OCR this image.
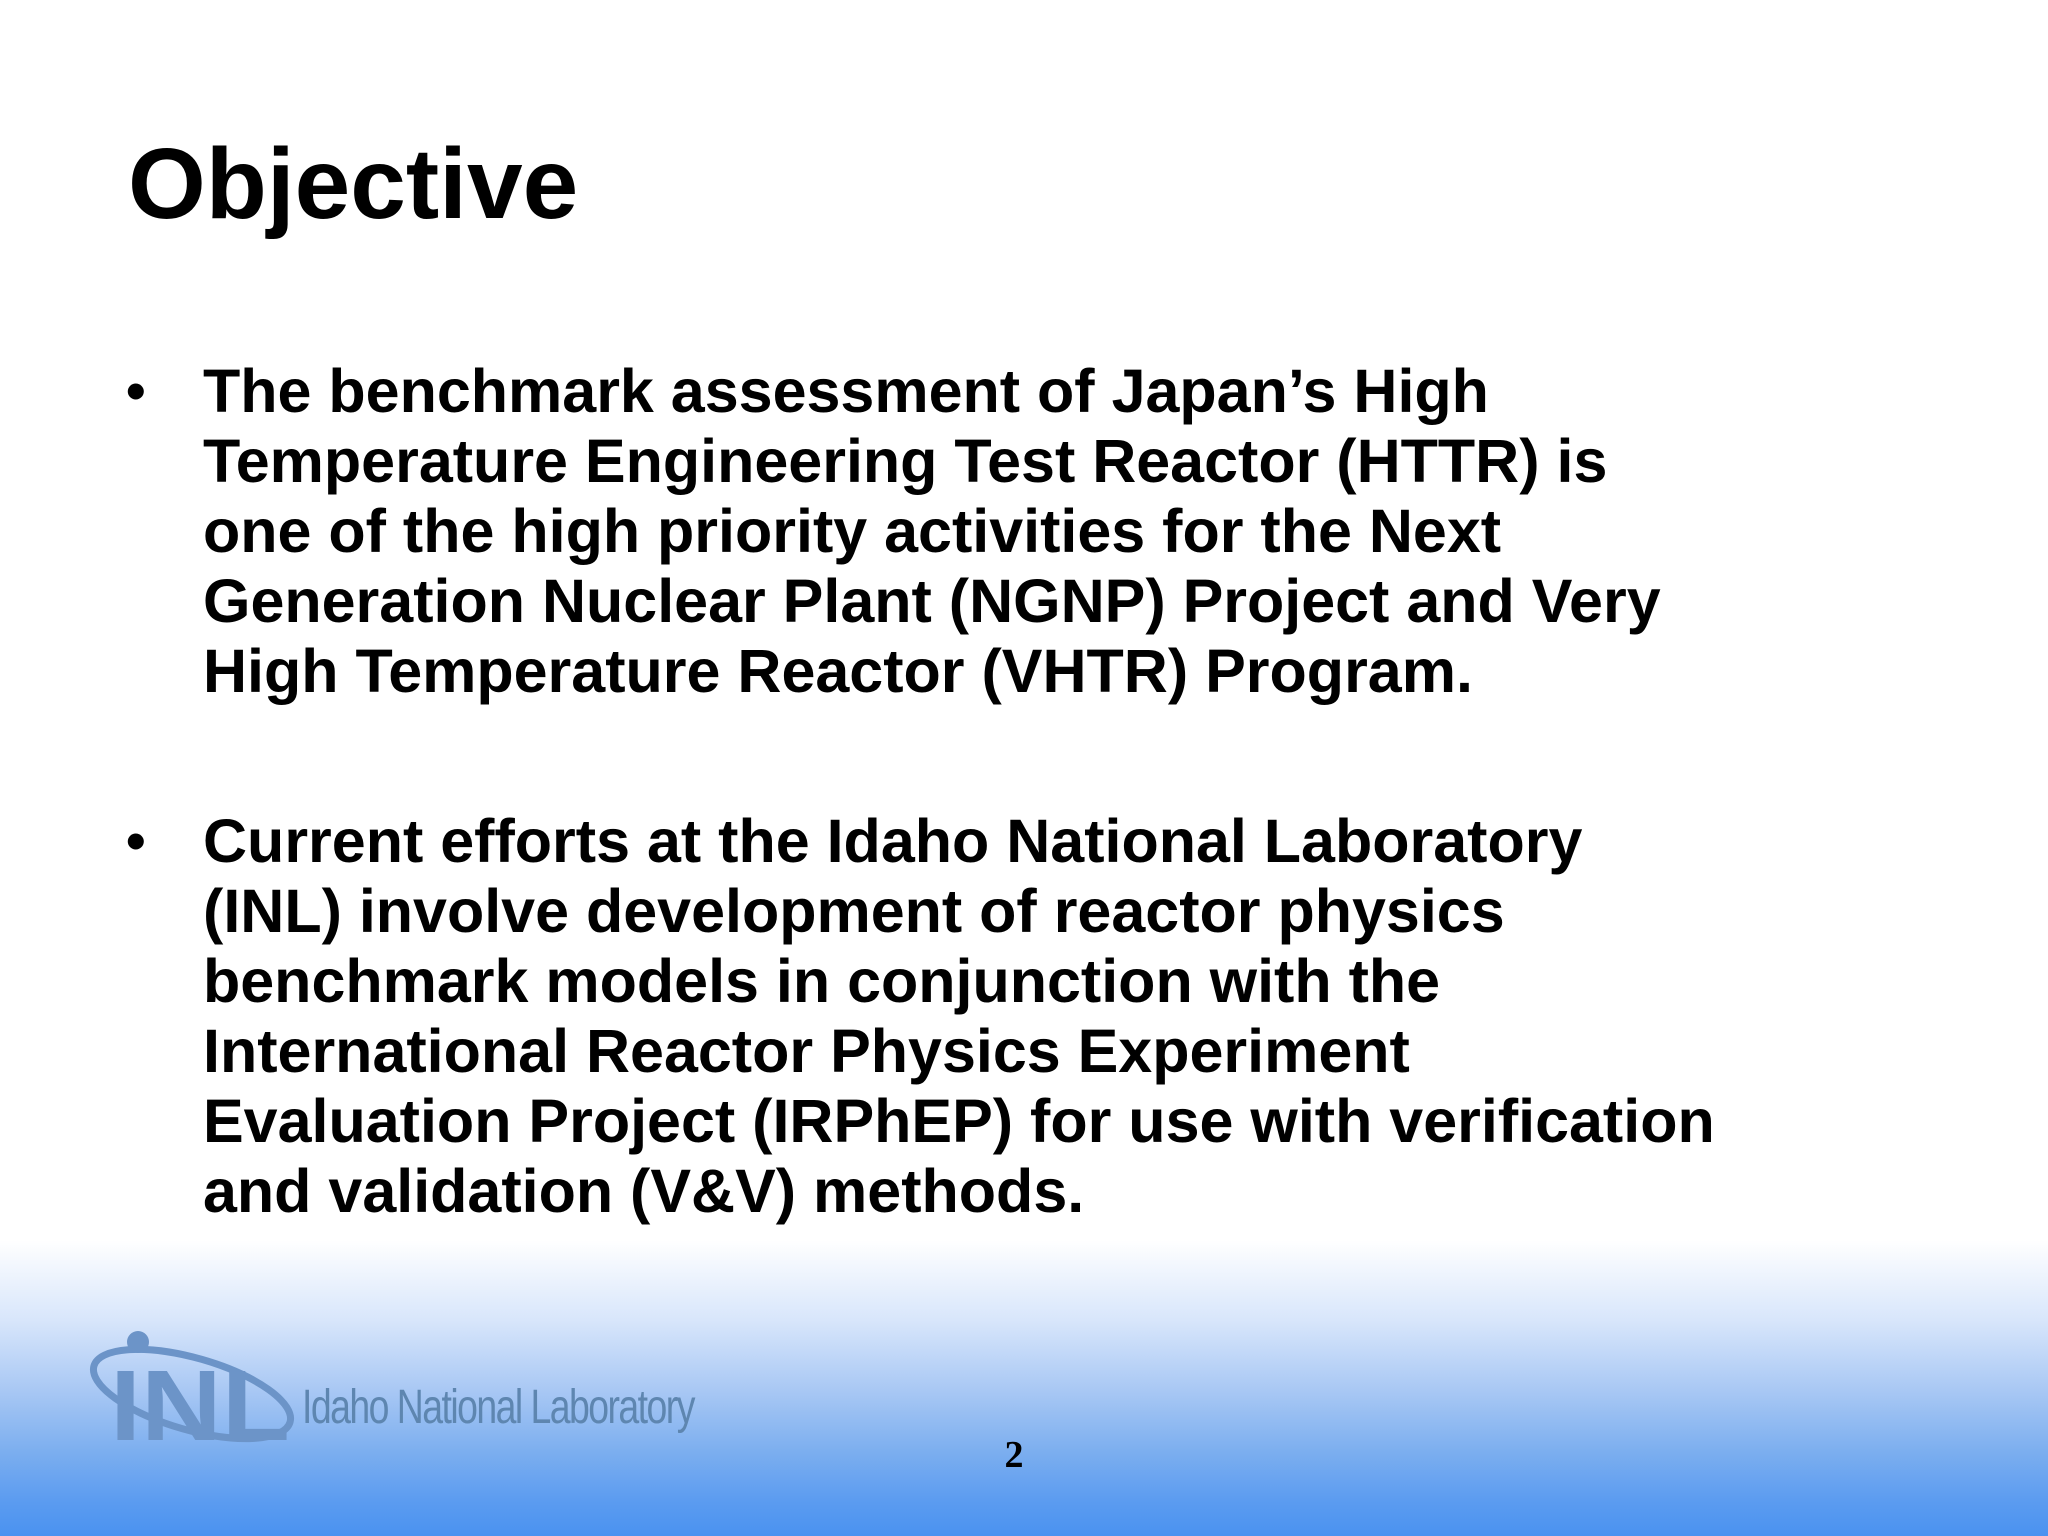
Objective
• The benchmark assessment of Japan’s High
Temperature Engineering Test Reactor (HTTR) is
one of the high priority activities for the Next
Generation Nuclear Plant (NGNP) Project and Very
High Temperature Reactor (VHTR) Program.
• Current efforts at the Idaho National Laboratory
(INL) involve development of reactor physics
benchmark models in conjunction with the
International Reactor Physics Experiment
Evaluation Project (IRPhEP) for use with verification
and validation (V&V) methods.
INL Idaho National Laboratory
2
